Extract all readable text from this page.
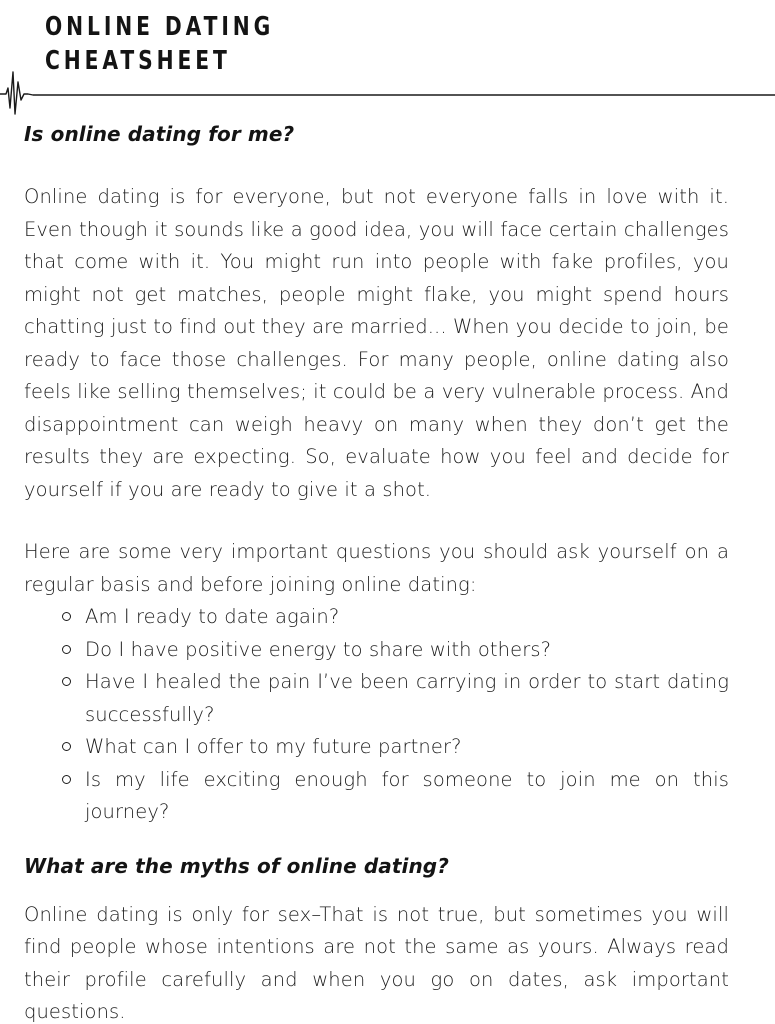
ONLINE DATING
CHEATSHEET
Is online dating for me?

Online dating is for everyone, but not everyone falls in love with it. Even though it sounds like a good idea, you will face certain challenges that come with it. You might run into people with fake profiles, you might not get matches, people might flake, you might spend hours chatting just to find out they are married... When you decide to join, be ready to face those challenges. For many people, online dating also feels like selling themselves; it could be a very vulnerable process. And disappointment can weigh heavy on many when they don’t get the results they are expecting. So, evaluate how you feel and decide for yourself if you are ready to give it a shot.

Here are some very important questions you should ask yourself on a regular basis and before joining online dating:

Am I ready to date again?
Do I have positive energy to share with others?
Have I healed the pain I’ve been carrying in order to start dating successfully?
What can I offer to my future partner?
Is my life exciting enough for someone to join me on this journey?
What are the myths of online dating?

Online dating is only for sex–That is not true, but sometimes you will find people whose intentions are not the same as yours. Always read their profile carefully and when you go on dates, ask important questions.
